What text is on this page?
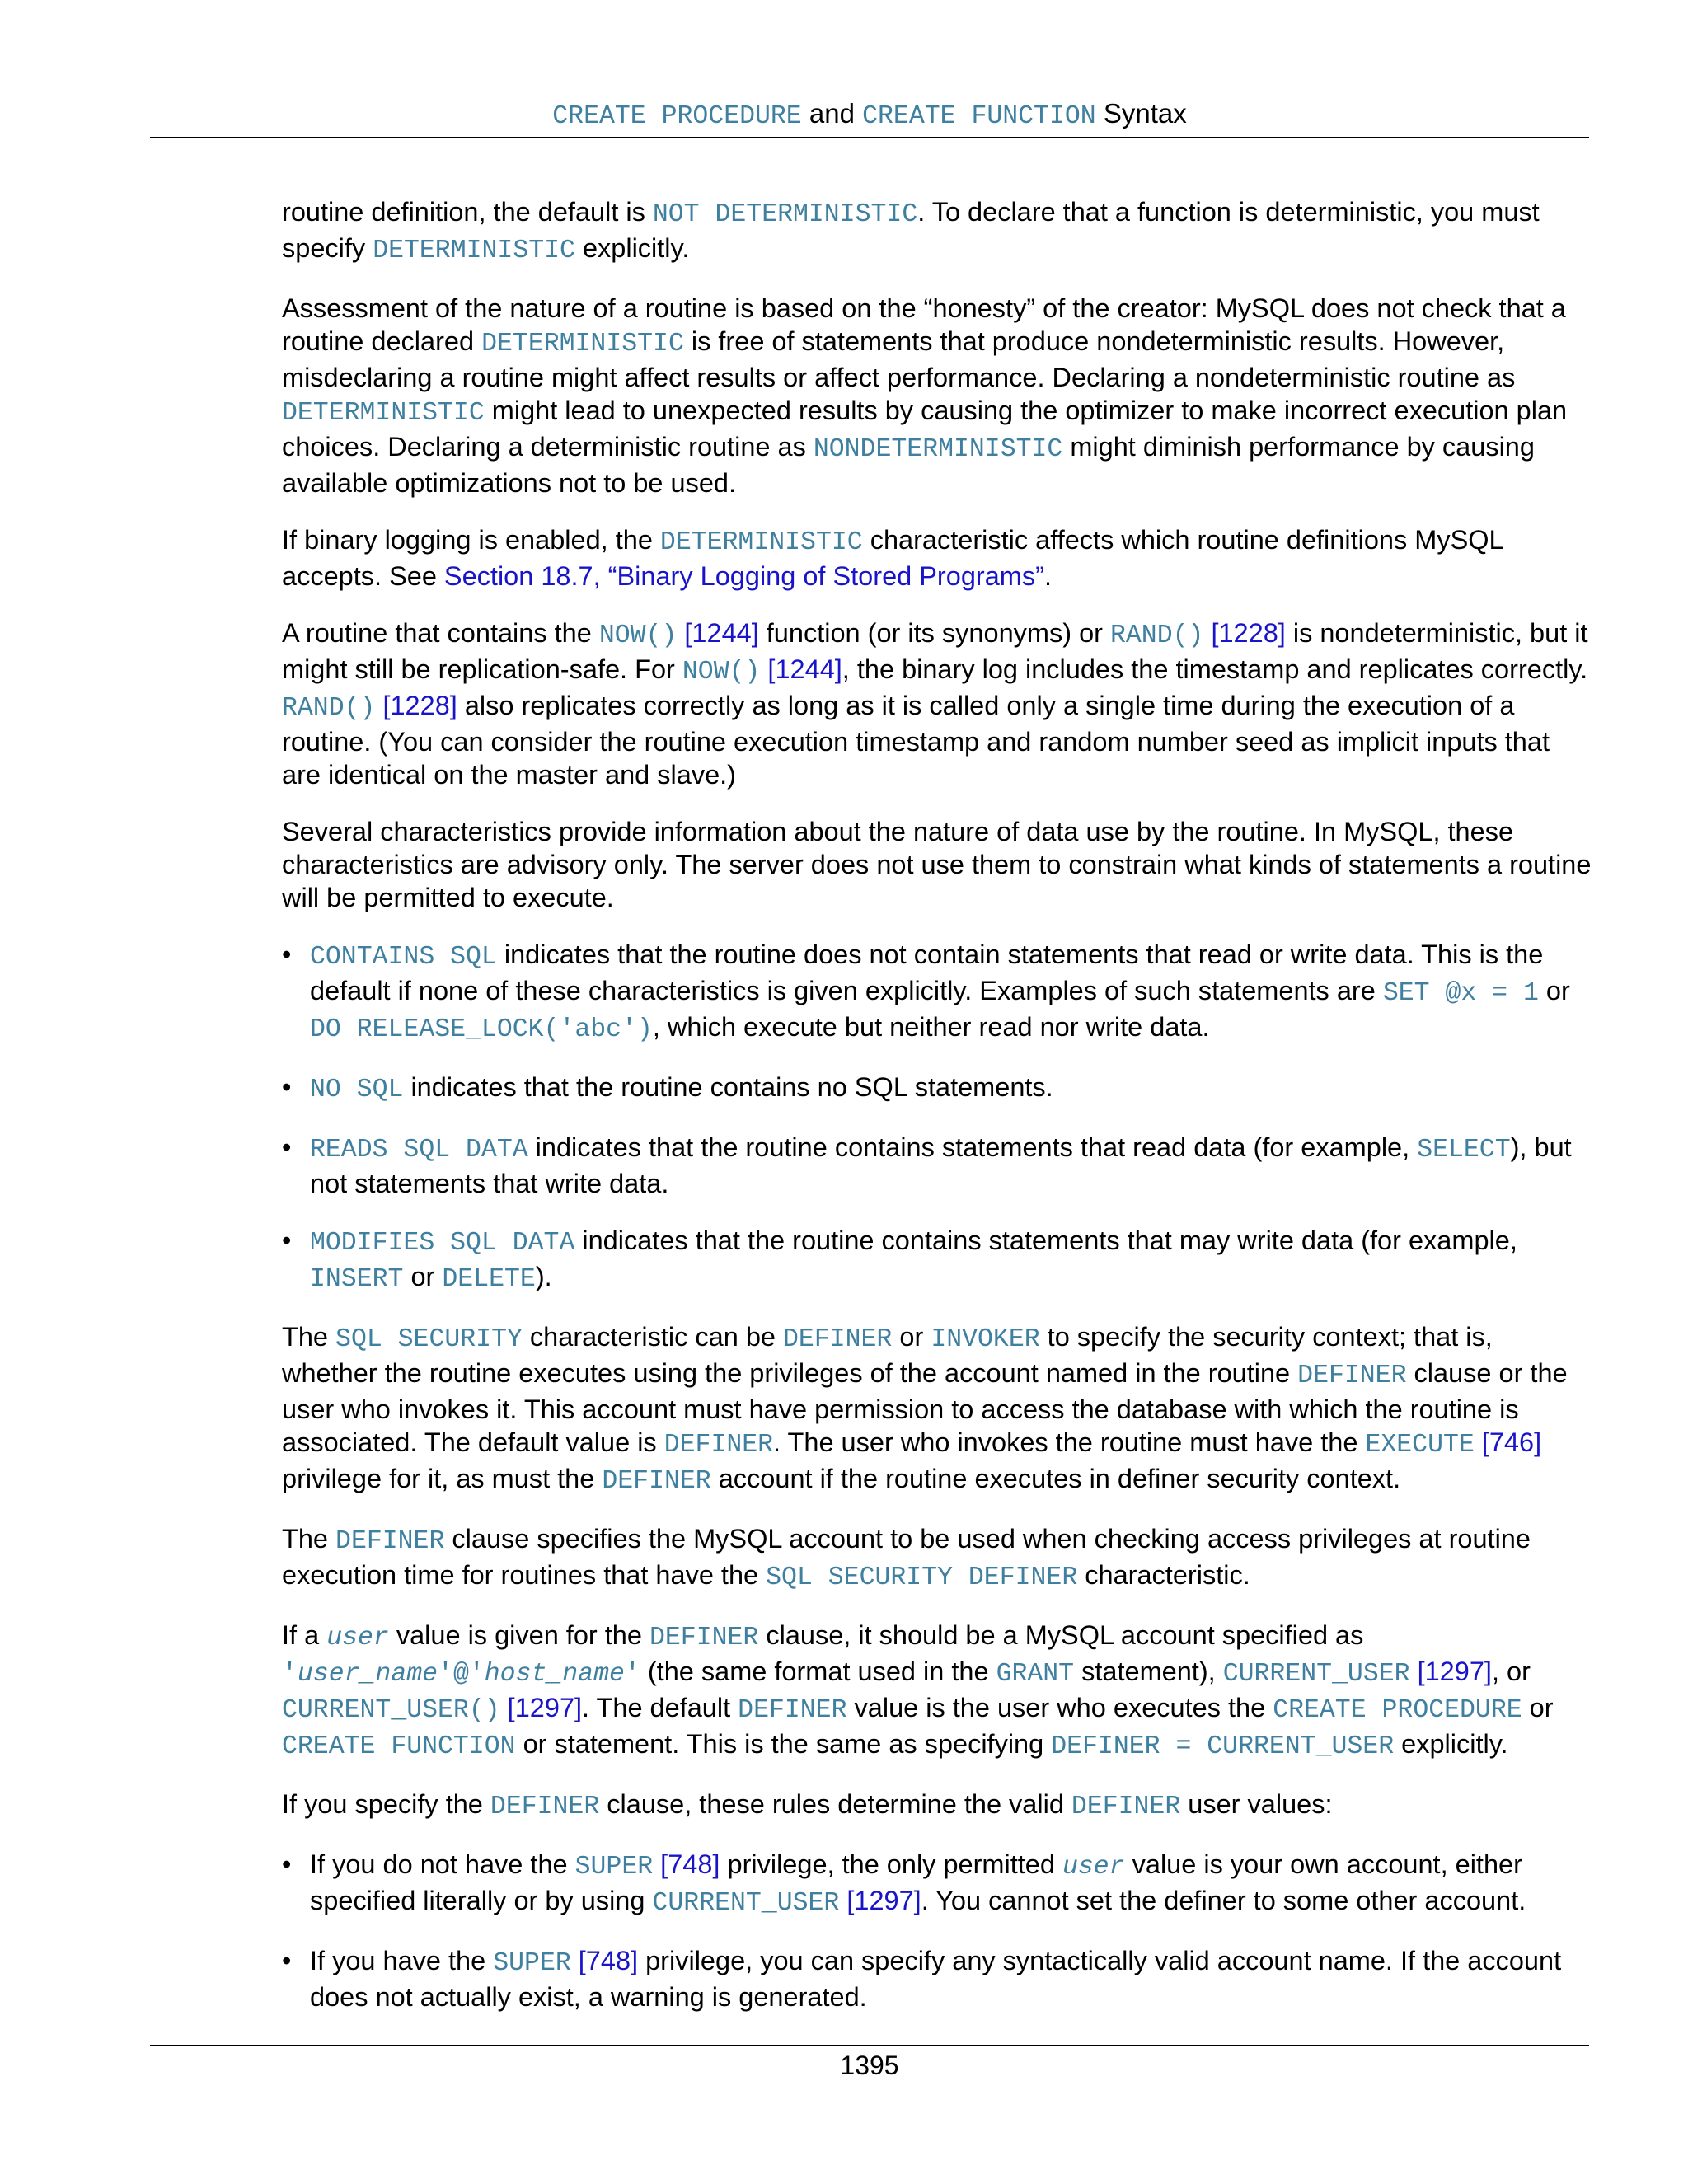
CREATE PROCEDURE and CREATE FUNCTION Syntax

routine definition, the default is NOT DETERMINISTIC. To declare that a function is deterministic, you must specify DETERMINISTIC explicitly.

Assessment of the nature of a routine is based on the “honesty” of the creator: MySQL does not check that a routine declared DETERMINISTIC is free of statements that produce nondeterministic results. However, misdeclaring a routine might affect results or affect performance. Declaring a nondeterministic routine as DETERMINISTIC might lead to unexpected results by causing the optimizer to make incorrect execution plan choices. Declaring a deterministic routine as NONDETERMINISTIC might diminish performance by causing available optimizations not to be used.

If binary logging is enabled, the DETERMINISTIC characteristic affects which routine definitions MySQL accepts. See Section 18.7, “Binary Logging of Stored Programs”.

A routine that contains the NOW() [1244] function (or its synonyms) or RAND() [1228] is nondeterministic, but it might still be replication-safe. For NOW() [1244], the binary log includes the timestamp and replicates correctly. RAND() [1228] also replicates correctly as long as it is called only a single time during the execution of a routine. (You can consider the routine execution timestamp and random number seed as implicit inputs that are identical on the master and slave.)

Several characteristics provide information about the nature of data use by the routine. In MySQL, these characteristics are advisory only. The server does not use them to constrain what kinds of statements a routine will be permitted to execute.

• CONTAINS SQL indicates that the routine does not contain statements that read or write data. This is the default if none of these characteristics is given explicitly. Examples of such statements are SET @x = 1 or DO RELEASE_LOCK('abc'), which execute but neither read nor write data.
• NO SQL indicates that the routine contains no SQL statements.
• READS SQL DATA indicates that the routine contains statements that read data (for example, SELECT), but not statements that write data.
• MODIFIES SQL DATA indicates that the routine contains statements that may write data (for example, INSERT or DELETE).

The SQL SECURITY characteristic can be DEFINER or INVOKER to specify the security context; that is, whether the routine executes using the privileges of the account named in the routine DEFINER clause or the user who invokes it. This account must have permission to access the database with which the routine is associated. The default value is DEFINER. The user who invokes the routine must have the EXECUTE [746] privilege for it, as must the DEFINER account if the routine executes in definer security context.

The DEFINER clause specifies the MySQL account to be used when checking access privileges at routine execution time for routines that have the SQL SECURITY DEFINER characteristic.

If a user value is given for the DEFINER clause, it should be a MySQL account specified as 'user_name'@'host_name' (the same format used in the GRANT statement), CURRENT_USER [1297], or CURRENT_USER() [1297]. The default DEFINER value is the user who executes the CREATE PROCEDURE or CREATE FUNCTION or statement. This is the same as specifying DEFINER = CURRENT_USER explicitly.

If you specify the DEFINER clause, these rules determine the valid DEFINER user values:

• If you do not have the SUPER [748] privilege, the only permitted user value is your own account, either specified literally or by using CURRENT_USER [1297]. You cannot set the definer to some other account.
• If you have the SUPER [748] privilege, you can specify any syntactically valid account name. If the account does not actually exist, a warning is generated.
1395
